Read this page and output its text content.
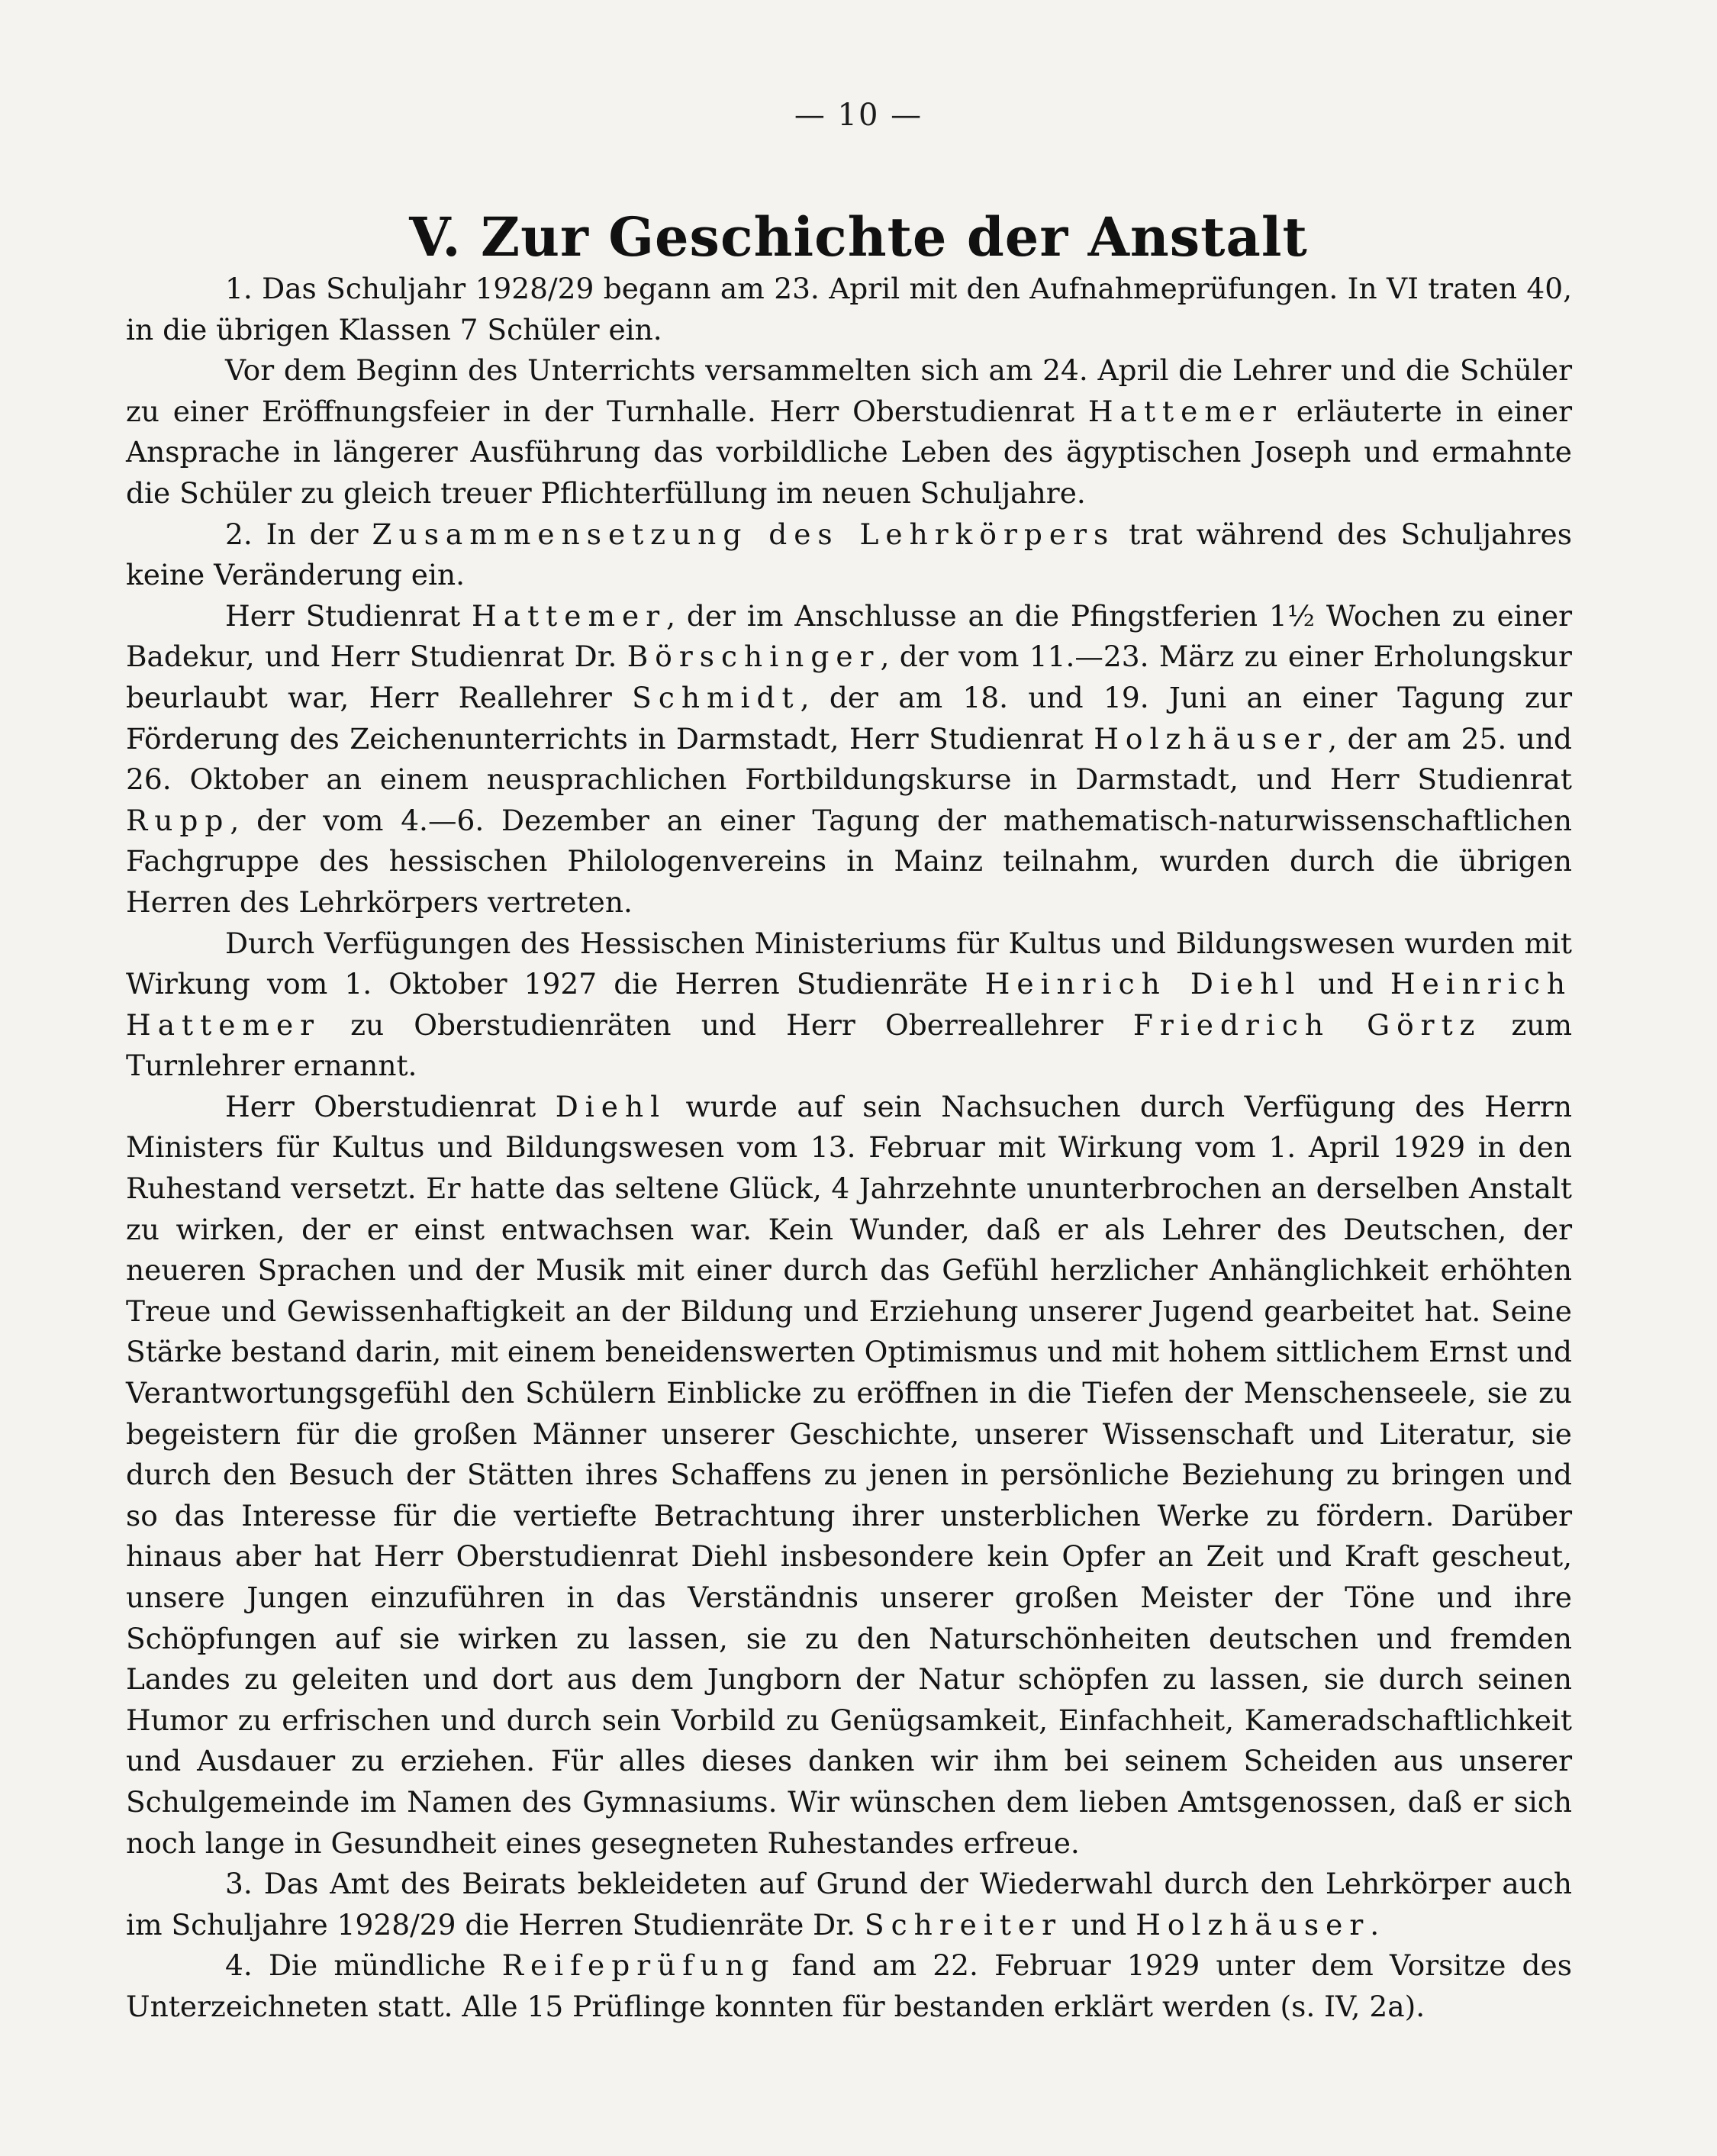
— 10 —
V. Zur Geschichte der Anstalt

1. Das Schuljahr 1928/29 begann am 23. April mit den Aufnahmeprüfungen. In VI traten 40, in die übrigen Klassen 7 Schüler ein.

Vor dem Beginn des Unterrichts versammelten sich am 24. April die Lehrer und die Schüler zu einer Eröffnungsfeier in der Turnhalle. Herr Oberstudienrat Hattemer erläuterte in einer Ansprache in längerer Ausführung das vorbildliche Leben des ägyptischen Joseph und ermahnte die Schüler zu gleich treuer Pflichterfüllung im neuen Schuljahre.

2. In der Zusammensetzung des Lehrkörpers trat während des Schuljahres keine Veränderung ein.

Herr Studienrat Hattemer, der im Anschlusse an die Pfingstferien 1½ Wochen zu einer Badekur, und Herr Studienrat Dr. Börschinger, der vom 11.—23. März zu einer Erholungskur beurlaubt war, Herr Reallehrer Schmidt, der am 18. und 19. Juni an einer Tagung zur Förderung des Zeichenunterrichts in Darmstadt, Herr Studienrat Holzhäuser, der am 25. und 26. Oktober an einem neusprachlichen Fortbildungskurse in Darmstadt, und Herr Studienrat Rupp, der vom 4.—6. Dezember an einer Tagung der mathematisch-naturwissenschaftlichen Fachgruppe des hessischen Philologenvereins in Mainz teilnahm, wurden durch die übrigen Herren des Lehrkörpers vertreten.

Durch Verfügungen des Hessischen Ministeriums für Kultus und Bildungswesen wurden mit Wirkung vom 1. Oktober 1927 die Herren Studienräte Heinrich Diehl und Heinrich Hattemer zu Oberstudienräten und Herr Oberreallehrer Friedrich Görtz zum Turnlehrer ernannt.

Herr Oberstudienrat Diehl wurde auf sein Nachsuchen durch Verfügung des Herrn Ministers für Kultus und Bildungswesen vom 13. Februar mit Wirkung vom 1. April 1929 in den Ruhestand versetzt. Er hatte das seltene Glück, 4 Jahrzehnte ununterbrochen an derselben Anstalt zu wirken, der er einst entwachsen war. Kein Wunder, daß er als Lehrer des Deutschen, der neueren Sprachen und der Musik mit einer durch das Gefühl herzlicher Anhänglichkeit erhöhten Treue und Gewissenhaftigkeit an der Bildung und Erziehung unserer Jugend gearbeitet hat. Seine Stärke bestand darin, mit einem beneidenswerten Optimismus und mit hohem sittlichem Ernst und Verantwortungsgefühl den Schülern Einblicke zu eröffnen in die Tiefen der Menschenseele, sie zu begeistern für die großen Männer unserer Geschichte, unserer Wissenschaft und Literatur, sie durch den Besuch der Stätten ihres Schaffens zu jenen in persönliche Beziehung zu bringen und so das Interesse für die vertiefte Betrachtung ihrer unsterblichen Werke zu fördern. Darüber hinaus aber hat Herr Oberstudienrat Diehl insbesondere kein Opfer an Zeit und Kraft gescheut, unsere Jungen einzuführen in das Verständnis unserer großen Meister der Töne und ihre Schöpfungen auf sie wirken zu lassen, sie zu den Naturschönheiten deutschen und fremden Landes zu geleiten und dort aus dem Jungborn der Natur schöpfen zu lassen, sie durch seinen Humor zu erfrischen und durch sein Vorbild zu Genügsamkeit, Einfachheit, Kameradschaftlichkeit und Ausdauer zu erziehen. Für alles dieses danken wir ihm bei seinem Scheiden aus unserer Schulgemeinde im Namen des Gymnasiums. Wir wünschen dem lieben Amtsgenossen, daß er sich noch lange in Gesundheit eines gesegneten Ruhestandes erfreue.

3. Das Amt des Beirats bekleideten auf Grund der Wiederwahl durch den Lehrkörper auch im Schuljahre 1928/29 die Herren Studienräte Dr. Schreiter und Holzhäuser.

4. Die mündliche Reifeprüfung fand am 22. Februar 1929 unter dem Vorsitze des Unterzeichneten statt. Alle 15 Prüflinge konnten für bestanden erklärt werden (s. IV, 2a).
